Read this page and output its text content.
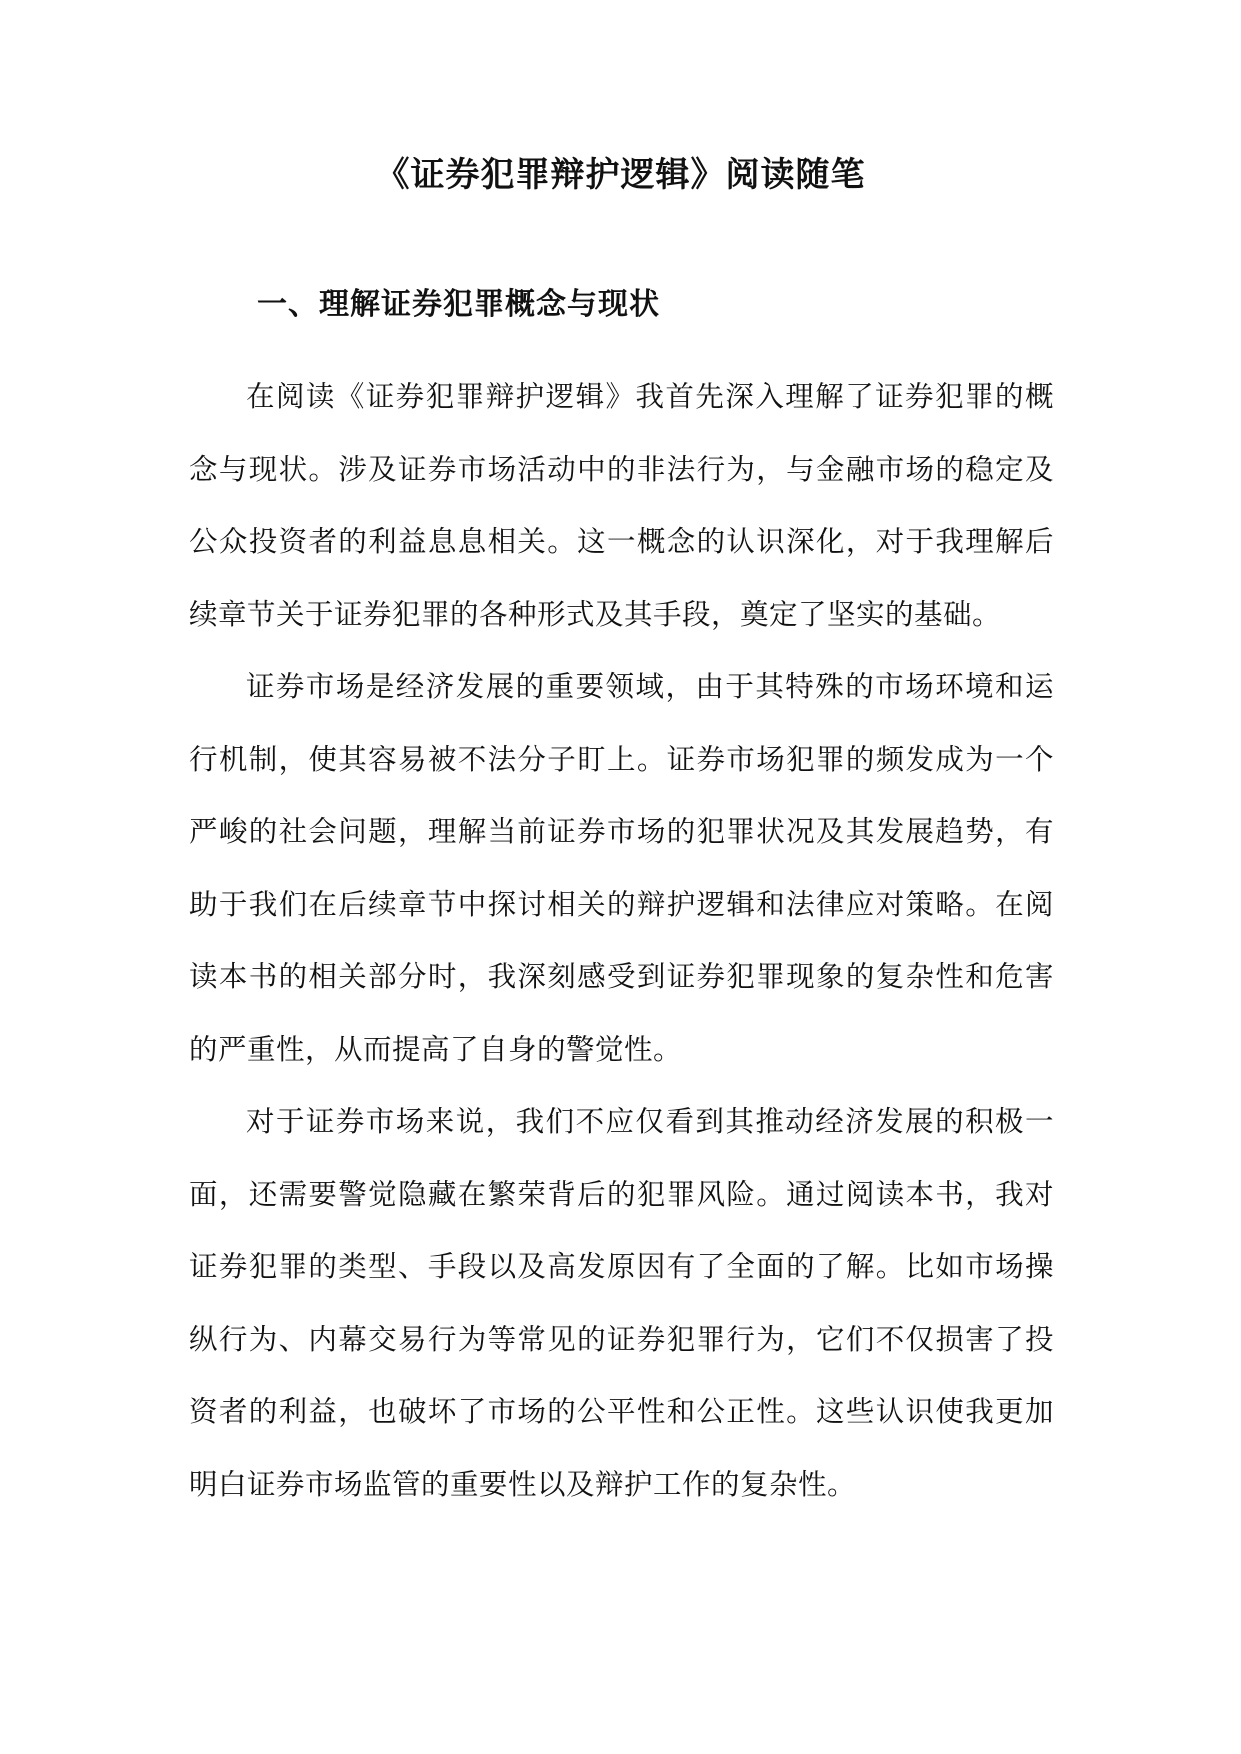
《证券犯罪辩护逻辑》阅读随笔
一、理解证券犯罪概念与现状

在阅读《证券犯罪辩护逻辑》我首先深入理解了证券犯罪的概念与现状。涉及证券市场活动中的非法行为，与金融市场的稳定及公众投资者的利益息息相关。这一概念的认识深化，对于我理解后续章节关于证券犯罪的各种形式及其手段，奠定了坚实的基础。

证券市场是经济发展的重要领域，由于其特殊的市场环境和运行机制，使其容易被不法分子盯上。证券市场犯罪的频发成为一个严峻的社会问题，理解当前证券市场的犯罪状况及其发展趋势，有助于我们在后续章节中探讨相关的辩护逻辑和法律应对策略。在阅读本书的相关部分时，我深刻感受到证券犯罪现象的复杂性和危害的严重性，从而提高了自身的警觉性。

对于证券市场来说，我们不应仅看到其推动经济发展的积极一面，还需要警觉隐藏在繁荣背后的犯罪风险。通过阅读本书，我对证券犯罪的类型、手段以及高发原因有了全面的了解。比如市场操纵行为、内幕交易行为等常见的证券犯罪行为，它们不仅损害了投资者的利益，也破坏了市场的公平性和公正性。这些认识使我更加明白证券市场监管的重要性以及辩护工作的复杂性。
